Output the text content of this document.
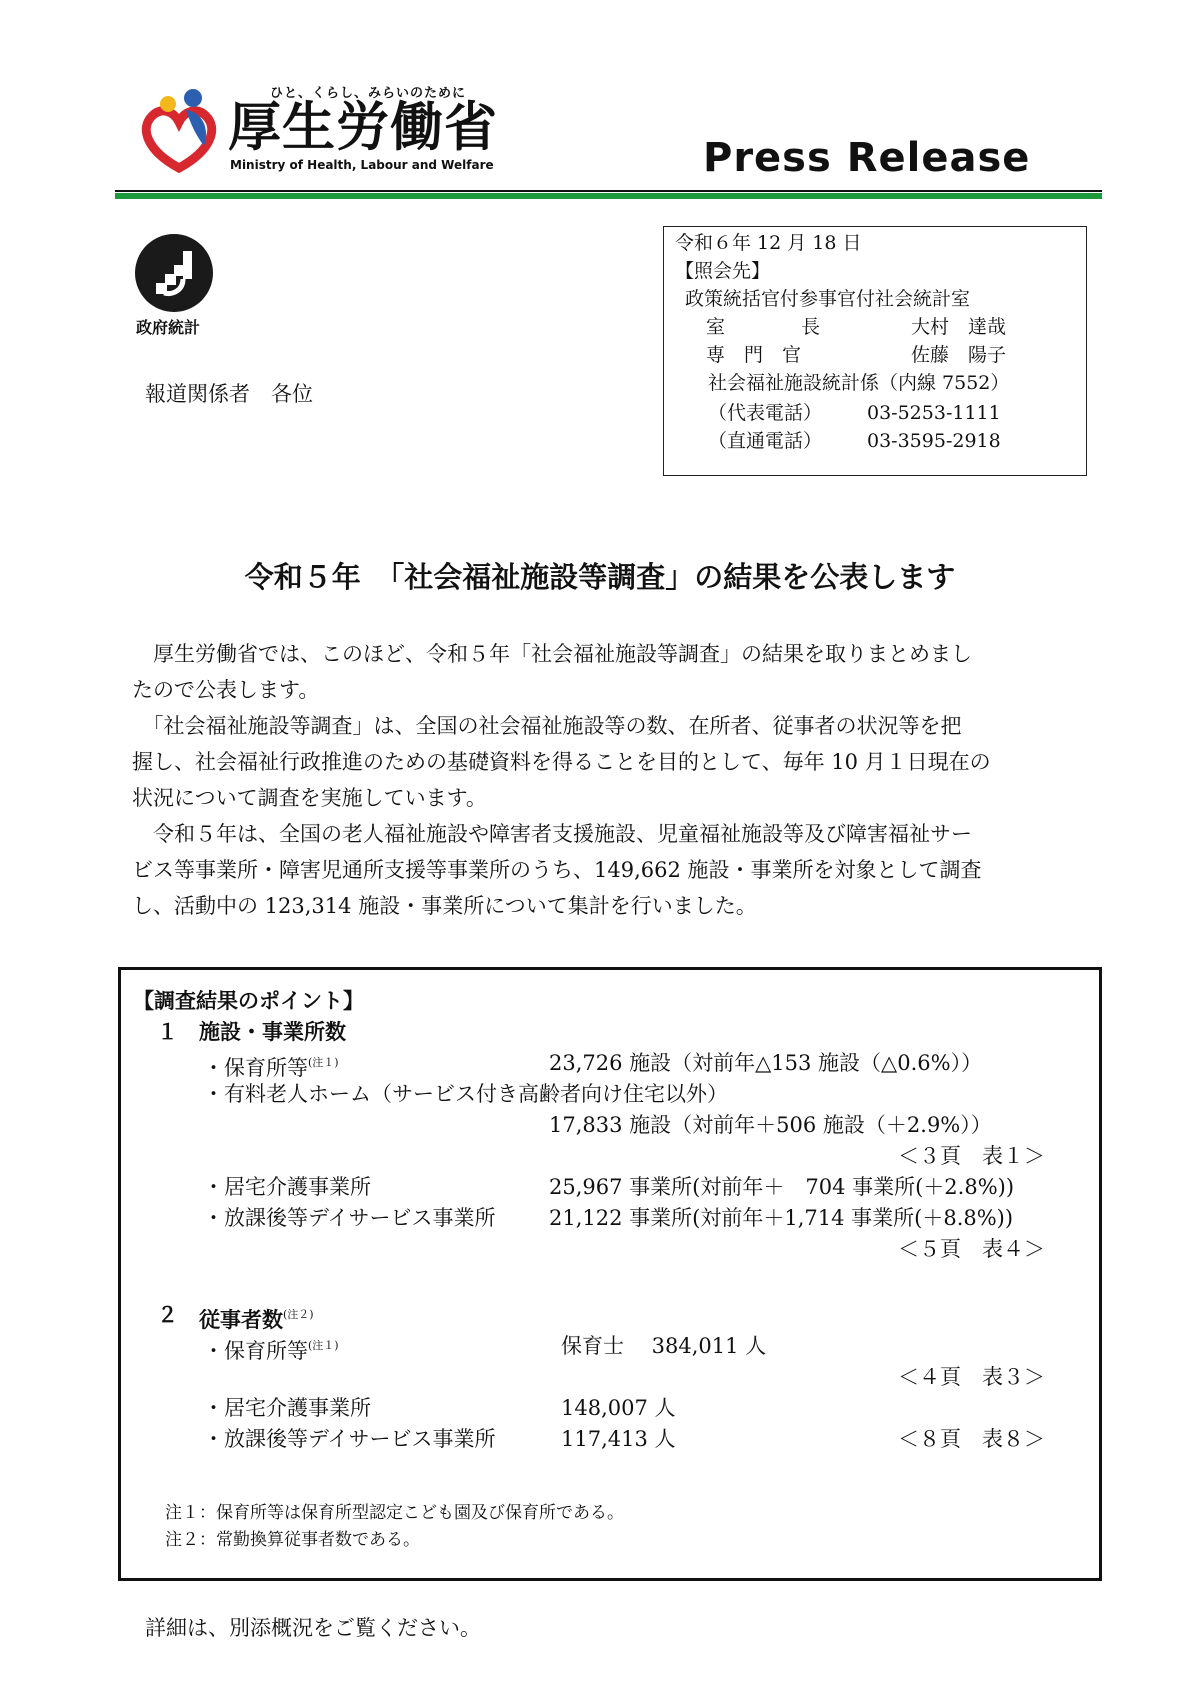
ひと、くらし、みらいのために
厚生労働省
Ministry of Health, Labour and Welfare	Press Release
政府統計
令和６年 12 月 18 日
【照会先】
政策統括官付参事官付社会統計室
室　　　　長	大村　達哉
専　門　官	佐藤　陽子
社会福祉施設統計係（内線 7552）
（代表電話） 03-5253-1111
（直通電話） 03-3595-2918
報道関係者　各位
令和５年　「社会福祉施設等調査」の結果を公表します
　厚生労働省では、このほど、令和５年「社会福祉施設等調査」の結果を取りまとめまし
たので公表します。
　「社会福祉施設等調査」は、全国の社会福祉施設等の数、在所者、従事者の状況等を把
握し、社会福祉行政推進のための基礎資料を得ることを目的として、毎年 10 月１日現在の
状況について調査を実施しています。
　令和５年は、全国の老人福祉施設や障害者支援施設、児童福祉施設等及び障害福祉サー
ビス等事業所・障害児通所支援等事業所のうち、149,662 施設・事業所を対象として調査
し、活動中の 123,314 施設・事業所について集計を行いました。
【調査結果のポイント】
１ 施設・事業所数
・保育所等$^{(注1)}$	23,726 施設（対前年△153 施設（△0.6%））
・有料老人ホーム（サービス付き高齢者向け住宅以外）
17,833 施設（対前年＋506 施設（＋2.9%））
＜３頁　表１＞
・居宅介護事業所	25,967 事業所(対前年＋　704 事業所(＋2.8%))
・放課後等デイサービス事業所	21,122 事業所(対前年＋1,714 事業所(＋8.8%))
＜５頁　表４＞
２ 従事者数$^{(注2)}$
・保育所等$^{(注1)}$	保育士　 384,011 人
＜４頁　表３＞
・居宅介護事業所	148,007 人
・放課後等デイサービス事業所	117,413 人	＜８頁　表８＞
注１：保育所等は保育所型認定こども園及び保育所である。
注２：常勤換算従事者数である。
詳細は、別添概況をご覧ください。
